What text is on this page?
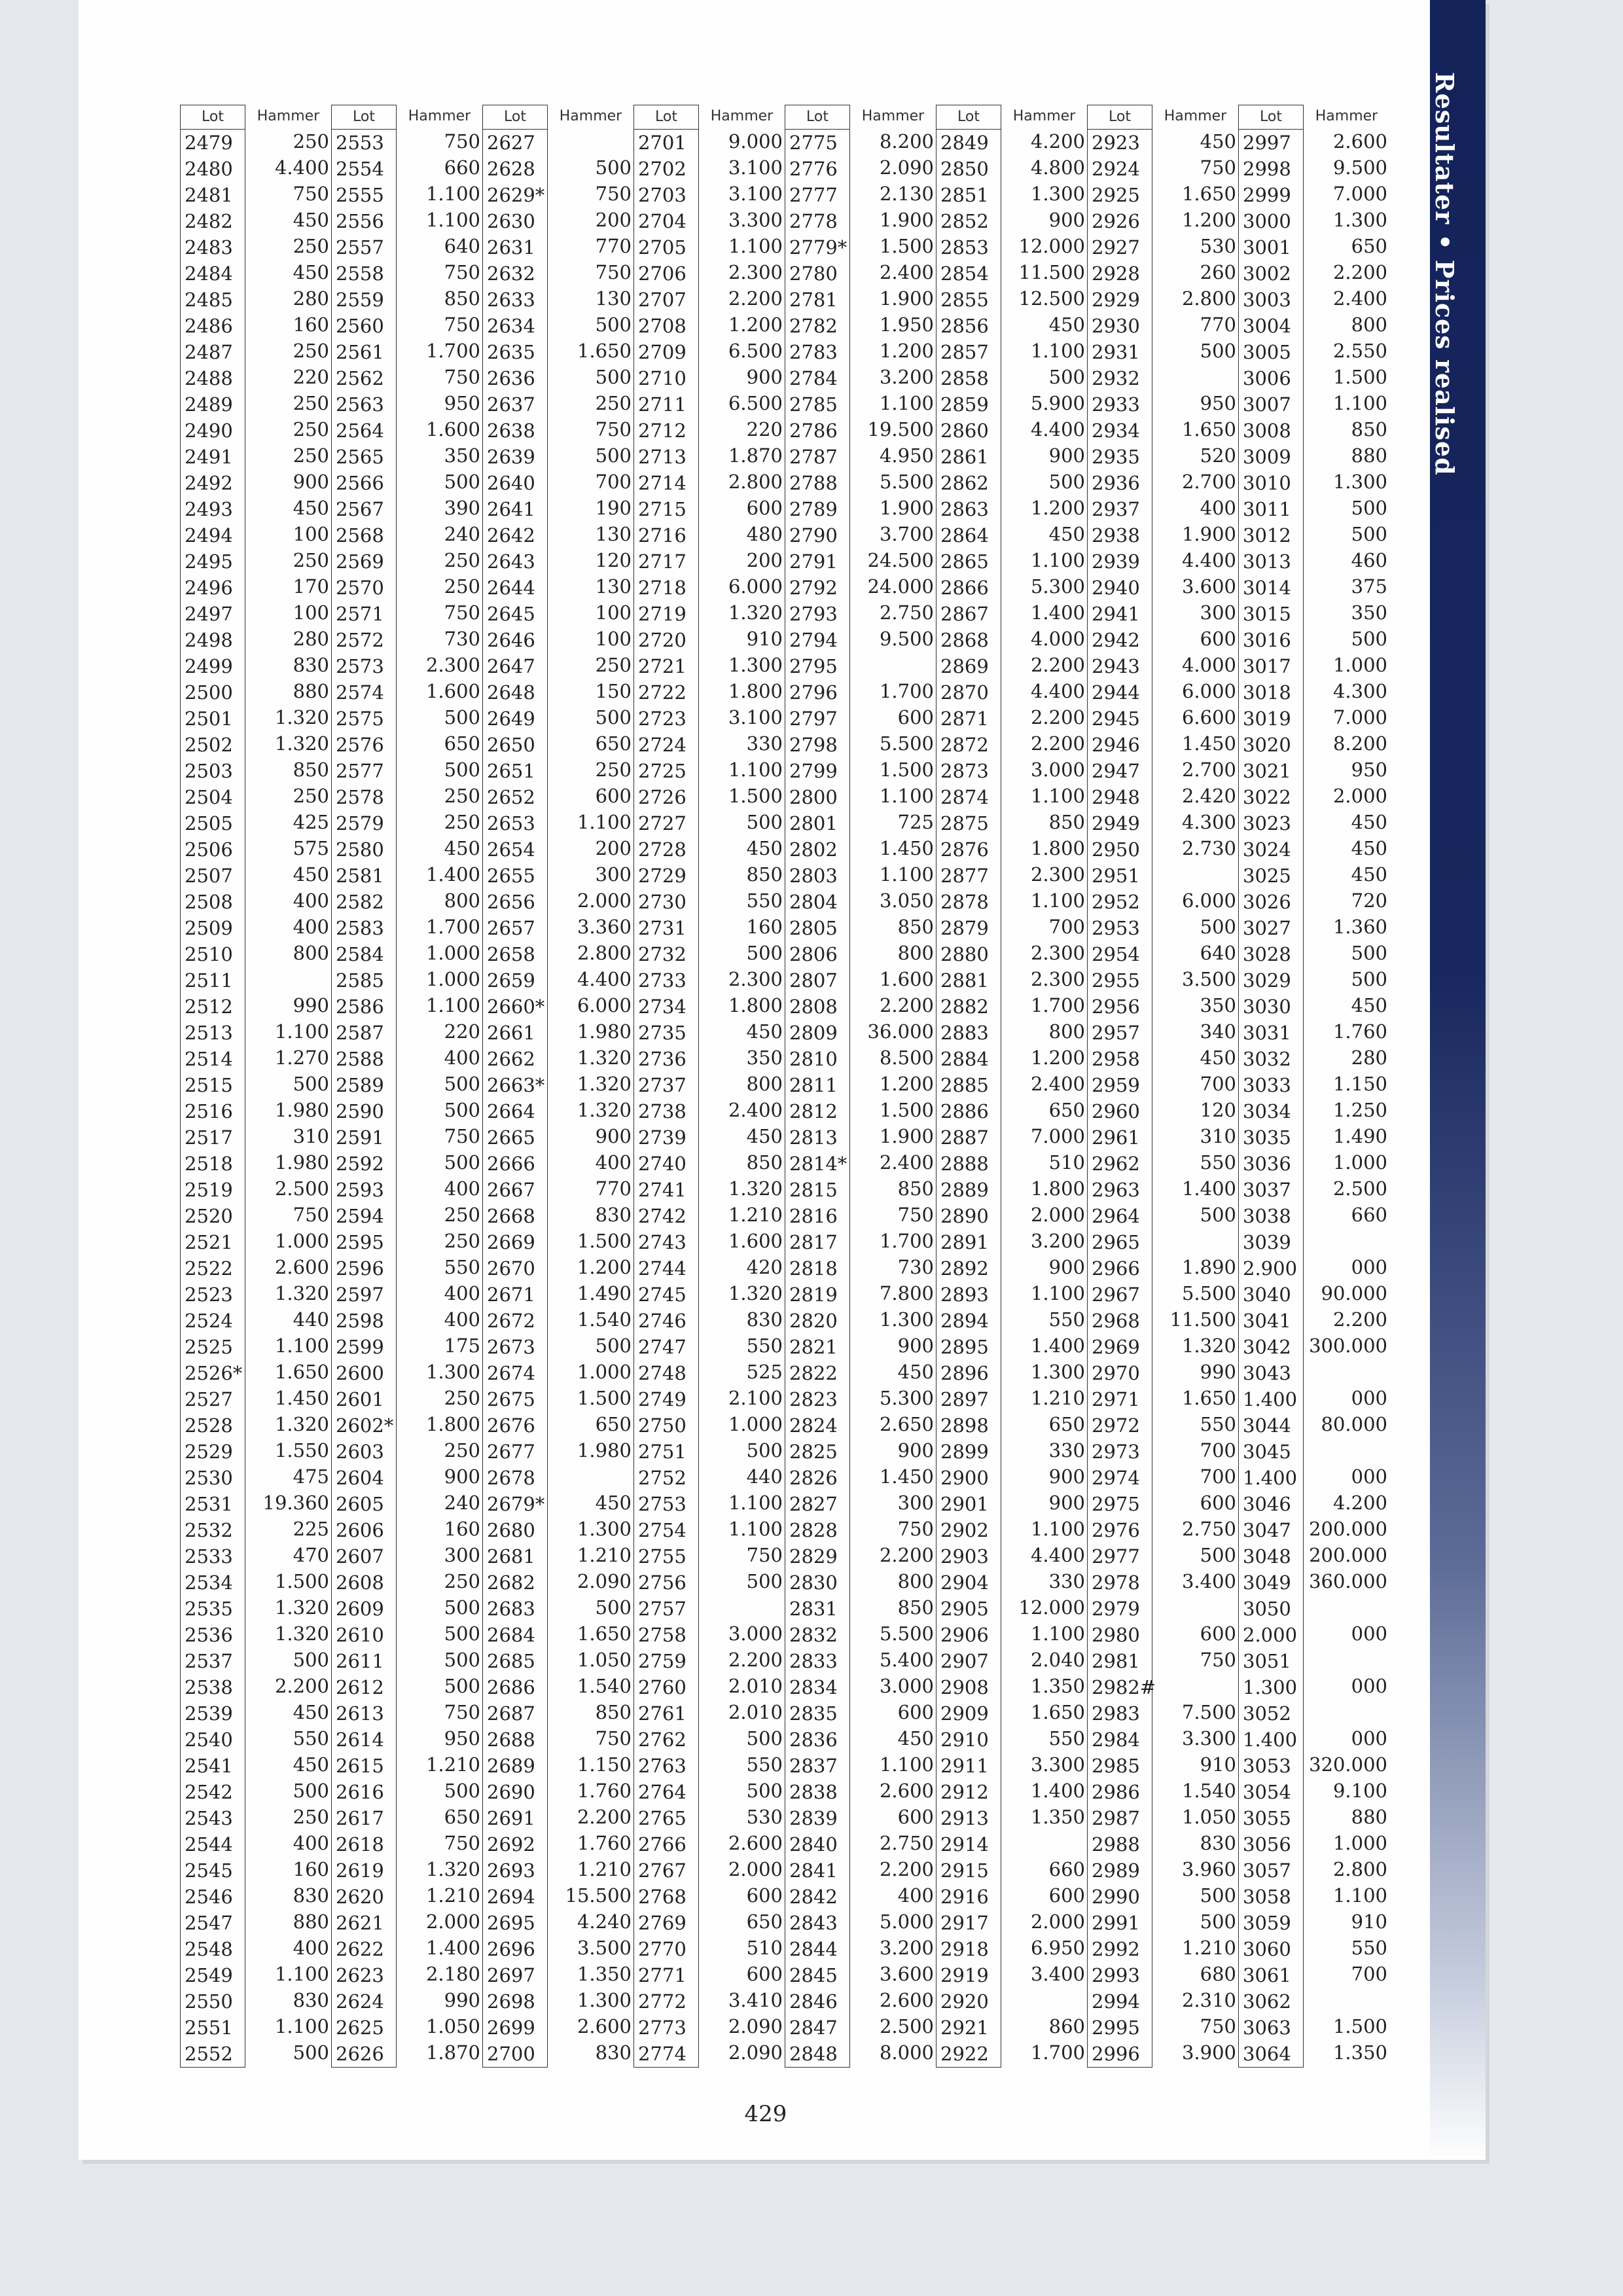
Resultater • Prices realised
Lot
2479
2480
2481
2482
2483
2484
2485
2486
2487
2488
2489
2490
2491
2492
2493
2494
2495
2496
2497
2498
2499
2500
2501
2502
2503
2504
2505
2506
2507
2508
2509
2510
2511
2512
2513
2514
2515
2516
2517
2518
2519
2520
2521
2522
2523
2524
2525
2526*
2527
2528
2529
2530
2531
2532
2533
2534
2535
2536
2537
2538
2539
2540
2541
2542
2543
2544
2545
2546
2547
2548
2549
2550
2551
2552
Hammer
250
4.400
750
450
250
450
280
160
250
220
250
250
250
900
450
100
250
170
100
280
830
880
1.320
1.320
850
250
425
575
450
400
400
800
990
1.100
1.270
500
1.980
310
1.980
2.500
750
1.000
2.600
1.320
440
1.100
1.650
1.450
1.320
1.550
475
19.360
225
470
1.500
1.320
1.320
500
2.200
450
550
450
500
250
400
160
830
880
400
1.100
830
1.100
500
Lot
2553
2554
2555
2556
2557
2558
2559
2560
2561
2562
2563
2564
2565
2566
2567
2568
2569
2570
2571
2572
2573
2574
2575
2576
2577
2578
2579
2580
2581
2582
2583
2584
2585
2586
2587
2588
2589
2590
2591
2592
2593
2594
2595
2596
2597
2598
2599
2600
2601
2602*
2603
2604
2605
2606
2607
2608
2609
2610
2611
2612
2613
2614
2615
2616
2617
2618
2619
2620
2621
2622
2623
2624
2625
2626
Hammer
750
660
1.100
1.100
640
750
850
750
1.700
750
950
1.600
350
500
390
240
250
250
750
730
2.300
1.600
500
650
500
250
250
450
1.400
800
1.700
1.000
1.000
1.100
220
400
500
500
750
500
400
250
250
550
400
400
175
1.300
250
1.800
250
900
240
160
300
250
500
500
500
500
750
950
1.210
500
650
750
1.320
1.210
2.000
1.400
2.180
990
1.050
1.870
Lot
2627
2628
2629*
2630
2631
2632
2633
2634
2635
2636
2637
2638
2639
2640
2641
2642
2643
2644
2645
2646
2647
2648
2649
2650
2651
2652
2653
2654
2655
2656
2657
2658
2659
2660*
2661
2662
2663*
2664
2665
2666
2667
2668
2669
2670
2671
2672
2673
2674
2675
2676
2677
2678
2679*
2680
2681
2682
2683
2684
2685
2686
2687
2688
2689
2690
2691
2692
2693
2694
2695
2696
2697
2698
2699
2700
Hammer
500
750
200
770
750
130
500
1.650
500
250
750
500
700
190
130
120
130
100
100
250
150
500
650
250
600
1.100
200
300
2.000
3.360
2.800
4.400
6.000
1.980
1.320
1.320
1.320
900
400
770
830
1.500
1.200
1.490
1.540
500
1.000
1.500
650
1.980
450
1.300
1.210
2.090
500
1.650
1.050
1.540
850
750
1.150
1.760
2.200
1.760
1.210
15.500
4.240
3.500
1.350
1.300
2.600
830
Lot
2701
2702
2703
2704
2705
2706
2707
2708
2709
2710
2711
2712
2713
2714
2715
2716
2717
2718
2719
2720
2721
2722
2723
2724
2725
2726
2727
2728
2729
2730
2731
2732
2733
2734
2735
2736
2737
2738
2739
2740
2741
2742
2743
2744
2745
2746
2747
2748
2749
2750
2751
2752
2753
2754
2755
2756
2757
2758
2759
2760
2761
2762
2763
2764
2765
2766
2767
2768
2769
2770
2771
2772
2773
2774
Hammer
9.000
3.100
3.100
3.300
1.100
2.300
2.200
1.200
6.500
900
6.500
220
1.870
2.800
600
480
200
6.000
1.320
910
1.300
1.800
3.100
330
1.100
1.500
500
450
850
550
160
500
2.300
1.800
450
350
800
2.400
450
850
1.320
1.210
1.600
420
1.320
830
550
525
2.100
1.000
500
440
1.100
1.100
750
500
3.000
2.200
2.010
2.010
500
550
500
530
2.600
2.000
600
650
510
600
3.410
2.090
2.090
Lot
2775
2776
2777
2778
2779*
2780
2781
2782
2783
2784
2785
2786
2787
2788
2789
2790
2791
2792
2793
2794
2795
2796
2797
2798
2799
2800
2801
2802
2803
2804
2805
2806
2807
2808
2809
2810
2811
2812
2813
2814*
2815
2816
2817
2818
2819
2820
2821
2822
2823
2824
2825
2826
2827
2828
2829
2830
2831
2832
2833
2834
2835
2836
2837
2838
2839
2840
2841
2842
2843
2844
2845
2846
2847
2848
Hammer
8.200
2.090
2.130
1.900
1.500
2.400
1.900
1.950
1.200
3.200
1.100
19.500
4.950
5.500
1.900
3.700
24.500
24.000
2.750
9.500
1.700
600
5.500
1.500
1.100
725
1.450
1.100
3.050
850
800
1.600
2.200
36.000
8.500
1.200
1.500
1.900
2.400
850
750
1.700
730
7.800
1.300
900
450
5.300
2.650
900
1.450
300
750
2.200
800
850
5.500
5.400
3.000
600
450
1.100
2.600
600
2.750
2.200
400
5.000
3.200
3.600
2.600
2.500
8.000
Lot
2849
2850
2851
2852
2853
2854
2855
2856
2857
2858
2859
2860
2861
2862
2863
2864
2865
2866
2867
2868
2869
2870
2871
2872
2873
2874
2875
2876
2877
2878
2879
2880
2881
2882
2883
2884
2885
2886
2887
2888
2889
2890
2891
2892
2893
2894
2895
2896
2897
2898
2899
2900
2901
2902
2903
2904
2905
2906
2907
2908
2909
2910
2911
2912
2913
2914
2915
2916
2917
2918
2919
2920
2921
2922
Hammer
4.200
4.800
1.300
900
12.000
11.500
12.500
450
1.100
500
5.900
4.400
900
500
1.200
450
1.100
5.300
1.400
4.000
2.200
4.400
2.200
2.200
3.000
1.100
850
1.800
2.300
1.100
700
2.300
2.300
1.700
800
1.200
2.400
650
7.000
510
1.800
2.000
3.200
900
1.100
550
1.400
1.300
1.210
650
330
900
900
1.100
4.400
330
12.000
1.100
2.040
1.350
1.650
550
3.300
1.400
1.350
660
600
2.000
6.950
3.400
860
1.700
Lot
2923
2924
2925
2926
2927
2928
2929
2930
2931
2932
2933
2934
2935
2936
2937
2938
2939
2940
2941
2942
2943
2944
2945
2946
2947
2948
2949
2950
2951
2952
2953
2954
2955
2956
2957
2958
2959
2960
2961
2962
2963
2964
2965
2966
2967
2968
2969
2970
2971
2972
2973
2974
2975
2976
2977
2978
2979
2980
2981
2982#
2983
2984
2985
2986
2987
2988
2989
2990
2991
2992
2993
2994
2995
2996
Hammer
450
750
1.650
1.200
530
260
2.800
770
500
950
1.650
520
2.700
400
1.900
4.400
3.600
300
600
4.000
6.000
6.600
1.450
2.700
2.420
4.300
2.730
6.000
500
640
3.500
350
340
450
700
120
310
550
1.400
500
1.890
5.500
11.500
1.320
990
1.650
550
700
700
600
2.750
500
3.400
600
750
7.500
3.300
910
1.540
1.050
830
3.960
500
500
1.210
680
2.310
750
3.900
Lot
2997
2998
2999
3000
3001
3002
3003
3004
3005
3006
3007
3008
3009
3010
3011
3012
3013
3014
3015
3016
3017
3018
3019
3020
3021
3022
3023
3024
3025
3026
3027
3028
3029
3030
3031
3032
3033
3034
3035
3036
3037
3038
3039
2.900
3040
3041
3042
3043
1.400
3044
3045
1.400
3046
3047
3048
3049
3050
2.000
3051
1.300
3052
1.400
3053
3054
3055
3056
3057
3058
3059
3060
3061
3062
3063
3064
Hammer
2.600
9.500
7.000
1.300
650
2.200
2.400
800
2.550
1.500
1.100
850
880
1.300
500
500
460
375
350
500
1.000
4.300
7.000
8.200
950
2.000
450
450
450
720
1.360
500
500
450
1.760
280
1.150
1.250
1.490
1.000
2.500
660
000
90.000
2.200
300.000
000
80.000
000
4.200
200.000
200.000
360.000
000
000
000
320.000
9.100
880
1.000
2.800
1.100
910
550
700
1.500
1.350
429
